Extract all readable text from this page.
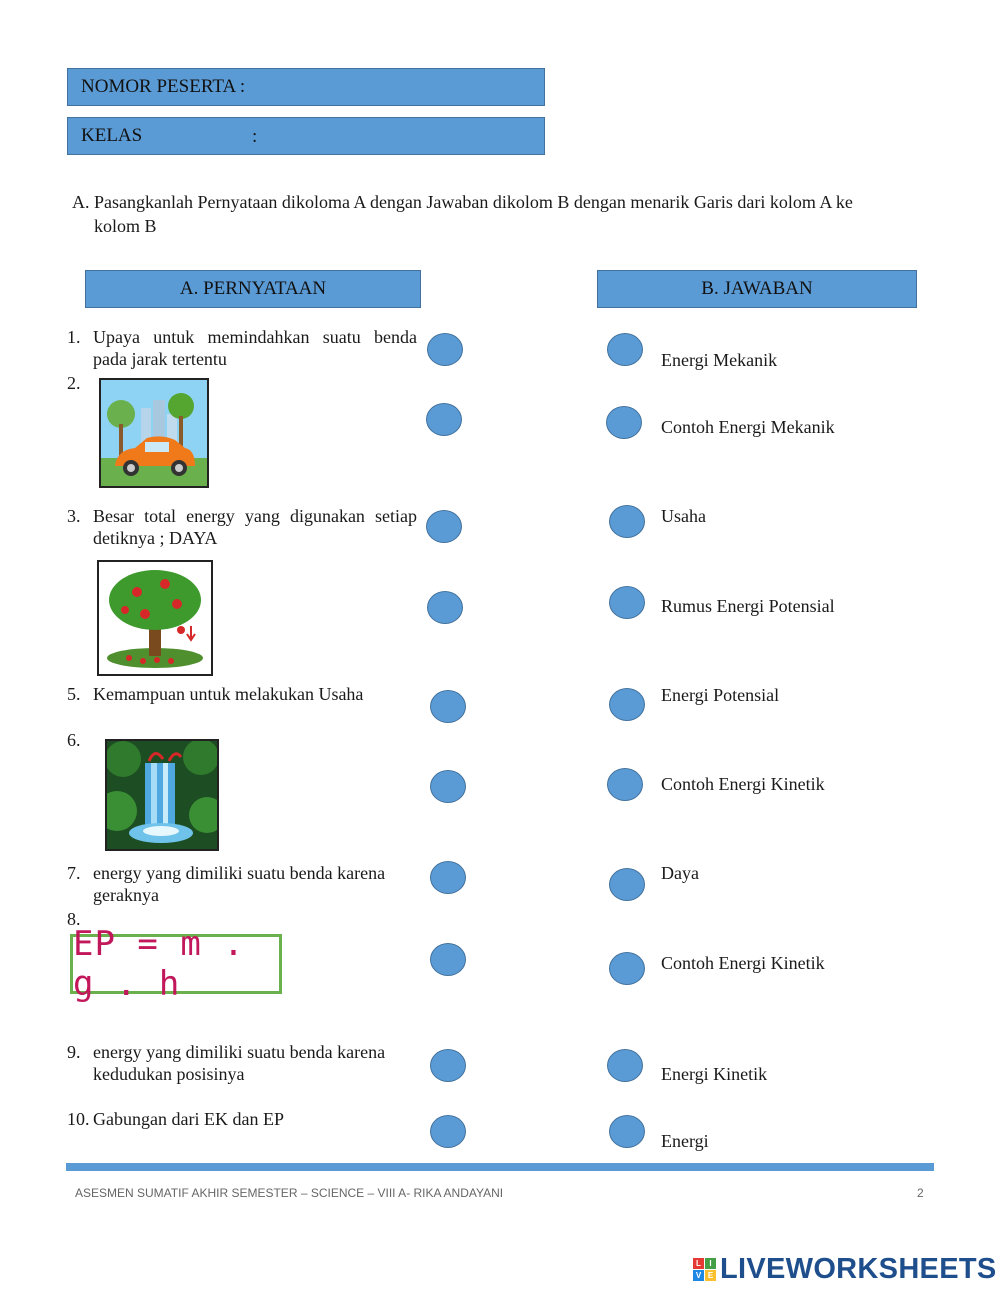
NOMOR PESERTA :
KELAS	:
A. Pasangkanlah Pernyataan dikoloma A dengan Jawaban dikolom B dengan menarik Garis dari kolom A ke kolom B
A. PERNYATAAN	B. JAWABAN
1. Upaya untuk memindahkan suatu benda pada jarak tertentu
2.
3. Besar total energy yang digunakan setiap detiknya ; DAYA
5. Kemampuan untuk melakukan Usaha
6.
7. energy yang dimiliki suatu benda karena geraknya
8.
EP = m . g . h
9. energy yang dimiliki suatu benda karena kedudukan posisinya
10. Gabungan dari EK dan EP
Energi Mekanik
Contoh Energi Mekanik
Usaha
Rumus Energi Potensial
Energi Potensial
Contoh Energi Kinetik
Daya
Contoh Energi Kinetik
Energi Kinetik
Energi
ASESMEN SUMATIF AKHIR SEMESTER – SCIENCE – VIII A- RIKA ANDAYANI	2
L	I
V E LIVEWORKSHEETS
